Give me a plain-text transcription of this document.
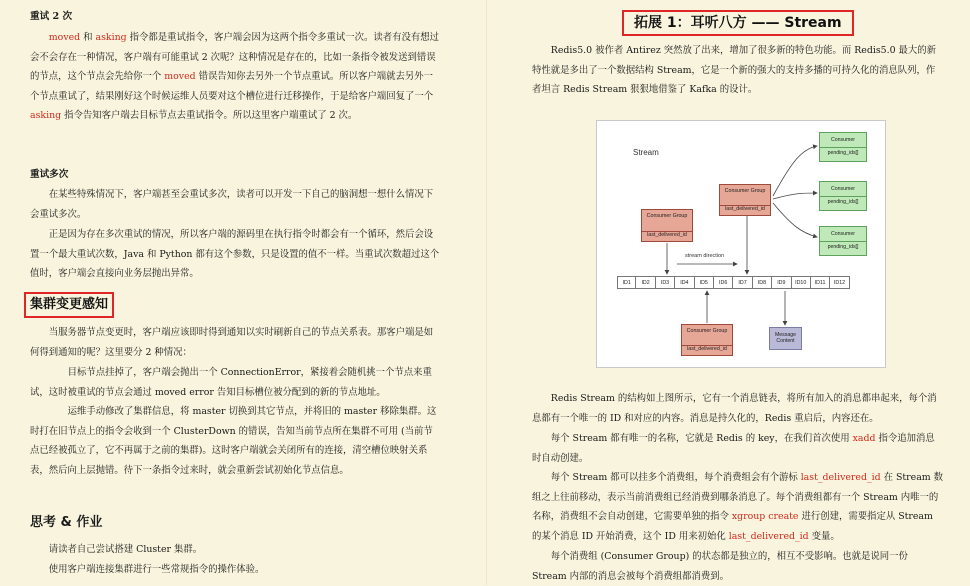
重试 2 次

moved 和 asking 指令都是重试指令，客户端会因为这两个指令多重试一次。读者有没有想过会不会存在一种情况，客户端有可能重试 2 次呢？这种情况是存在的，比如一条指令被发送到错误的节点，这个节点会先给你一个 moved 错误告知你去另外一个节点重试。所以客户端就去另外一个节点重试了，结果刚好这个时候运维人员要对这个槽位进行迁移操作，于是给客户端回复了一个 asking 指令告知客户端去目标节点去重试指令。所以这里客户端重试了 2 次。

重试多次

在某些特殊情况下，客户端甚至会重试多次，读者可以开发一下自己的脑洞想一想什么情况下会重试多次。

正是因为存在多次重试的情况，所以客户端的源码里在执行指令时都会有一个循环，然后会设置一个最大重试次数，Java 和 Python 都有这个参数，只是设置的值不一样。当重试次数超过这个值时，客户端会直接向业务层抛出异常。

集群变更感知

当服务器节点变更时，客户端应该即时得到通知以实时刷新自己的节点关系表。那客户端是如何得到通知的呢？这里要分 2 种情况：

目标节点挂掉了，客户端会抛出一个 ConnectionError，紧接着会随机挑一个节点来重试，这时被重试的节点会通过 moved error 告知目标槽位被分配到的新的节点地址。

运维手动修改了集群信息，将 master 切换到其它节点，并将旧的 master 移除集群。这时打在旧节点上的指令会收到一个 ClusterDown 的错误，告知当前节点所在集群不可用 (当前节点已经被孤立了，它不再属于之前的集群)。这时客户端就会关闭所有的连接，清空槽位映射关系表，然后向上层抛错。待下一条指令过来时，就会重新尝试初始化节点信息。

思考 & 作业

请读者自己尝试搭建 Cluster 集群。

使用客户端连接集群进行一些常规指令的操作体验。

拓展 1：耳听八方 —— Stream

Redis5.0 被作者 Antirez 突然放了出来，增加了很多新的特色功能。而 Redis5.0 最大的新特性就是多出了一个数据结构 Stream，它是一个新的强大的支持多播的可持久化的消息队列，作者坦言 Redis Stream 狠狠地借鉴了 Kafka 的设计。

Stream
Consumer Group
last_delivered_id
Consumer Group
last_delivered_id
Consumer Group
last_delivered_id
Consumer
pending_ids[]
Consumer
pending_ids[]
Consumer
pending_ids[]
stream direction
ID1	ID2	ID3	ID4	ID5	ID6	ID7	ID8	ID9	ID10	ID11	ID12
Message Content

Redis Stream 的结构如上图所示，它有一个消息链表，将所有加入的消息都串起来，每个消息都有一个唯一的 ID 和对应的内容。消息是持久化的，Redis 重启后，内容还在。

每个 Stream 都有唯一的名称，它就是 Redis 的 key，在我们首次使用 xadd 指令追加消息时自动创建。

每个 Stream 都可以挂多个消费组，每个消费组会有个游标 last_delivered_id 在 Stream 数组之上往前移动，表示当前消费组已经消费到哪条消息了。每个消费组都有一个 Stream 内唯一的名称，消费组不会自动创建，它需要单独的指令 xgroup create 进行创建，需要指定从 Stream 的某个消息 ID 开始消费，这个 ID 用来初始化 last_delivered_id 变量。

每个消费组 (Consumer Group) 的状态都是独立的，相互不受影响。也就是说同一份 Stream 内部的消息会被每个消费组都消费到。
